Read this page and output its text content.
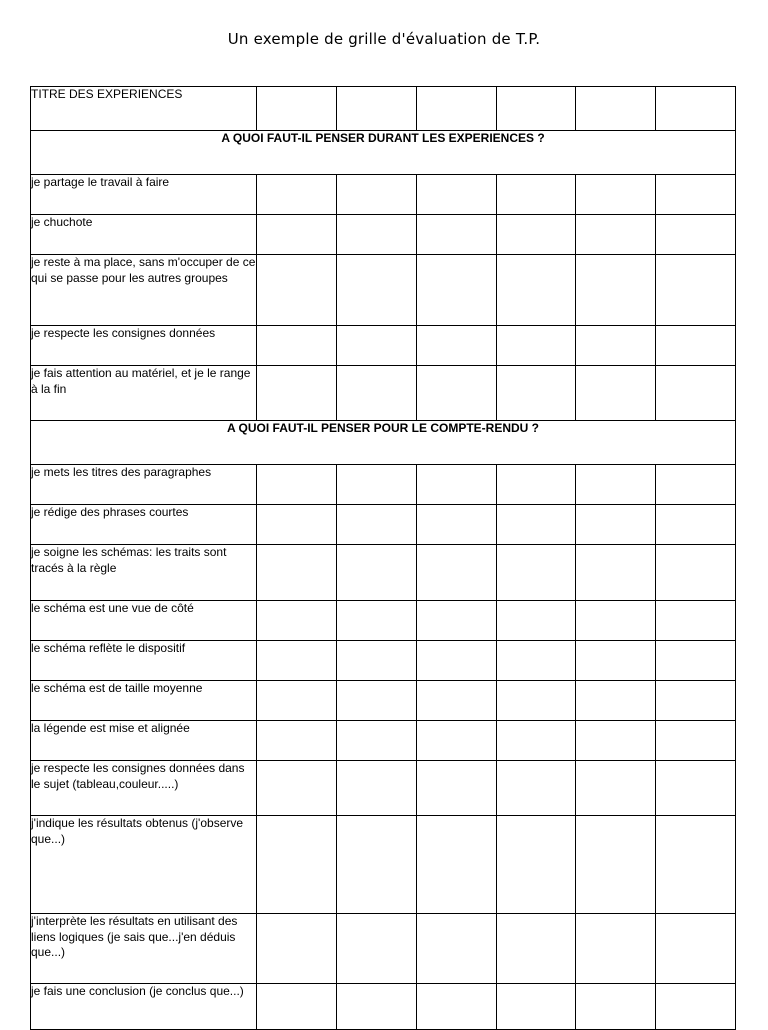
Un exemple de grille d'évaluation de T.P.
TITRE DES EXPERIENCES						
A QUOI FAUT-IL PENSER DURANT LES EXPERIENCES ?						
je partage le travail à faire						
je chuchote						
je reste à ma place, sans m'occuper de ce qui se passe pour les autres groupes						
je respecte les consignes données						
je fais attention au matériel, et je le range à la fin						
A QUOI FAUT-IL PENSER POUR LE COMPTE-RENDU ?						
je mets les titres des paragraphes						
je rédige des phrases courtes						
je soigne les schémas: les traits sont tracés à la règle						
le schéma est une vue de côté						
le schéma reflète le dispositif						
le schéma est de taille moyenne						
la légende est mise et alignée						
je respecte les consignes données dans le sujet (tableau,couleur.....)						
j'indique les résultats obtenus (j'observe que...)						
j'interprète les résultats en utilisant des liens logiques (je sais que...j'en déduis que...)						
je fais une conclusion (je conclus que...)						
